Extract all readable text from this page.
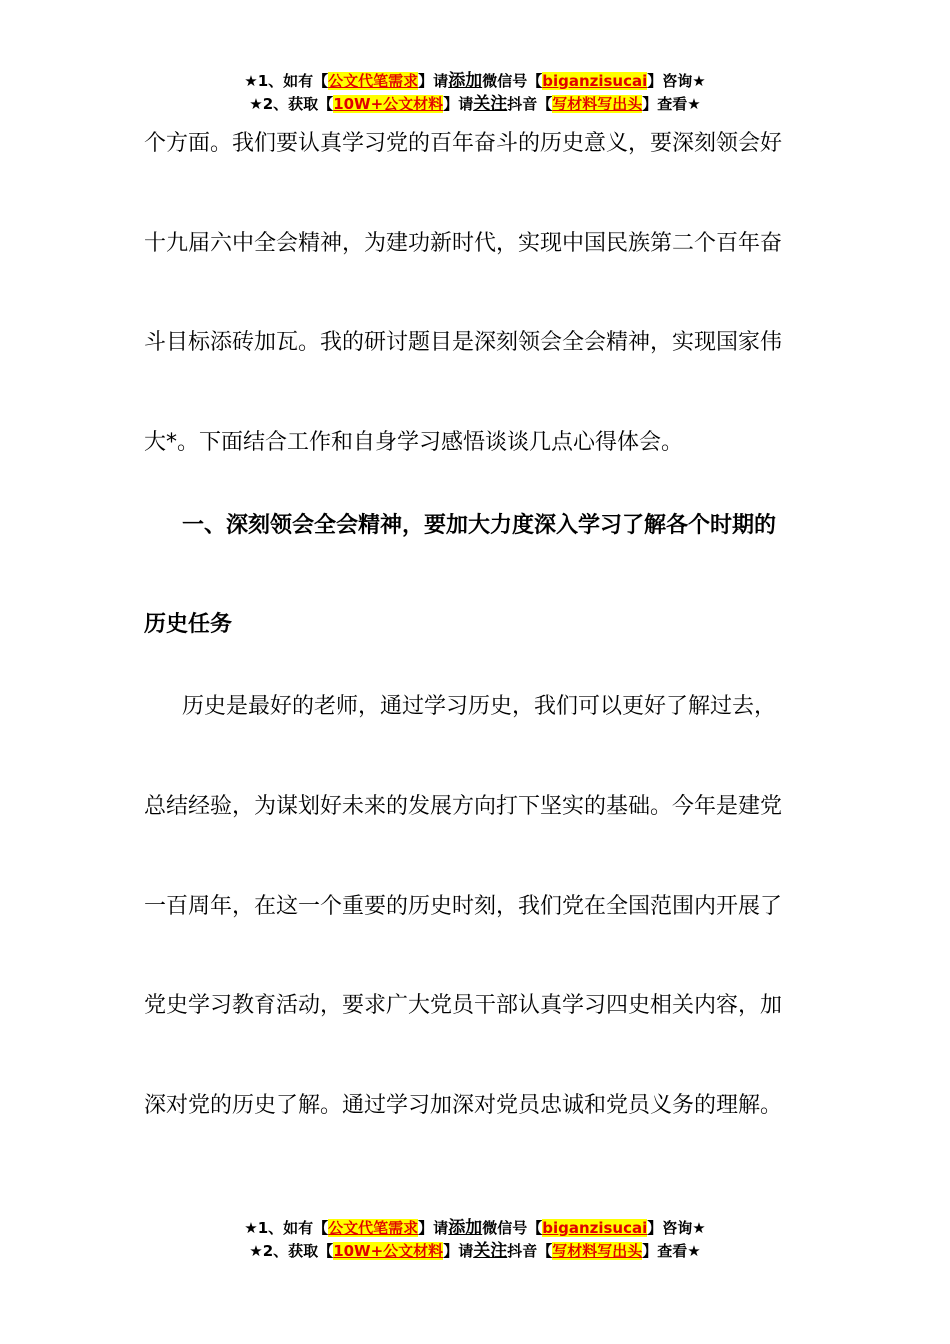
★1、如有【公文代笔需求】请添加微信号【biganzisucai】咨询★
★2、获取【10W+公文材料】请关注抖音【写材料写出头】查看★
个方面。我们要认真学习党的百年奋斗的历史意义，要深刻领会好
十九届六中全会精神，为建功新时代，实现中国民族第二个百年奋
斗目标添砖加瓦。我的研讨题目是深刻领会全会精神，实现国家伟
大*。下面结合工作和自身学习感悟谈谈几点心得体会。
一、深刻领会全会精神，要加大力度深入学习了解各个时期的
历史任务
历史是最好的老师，通过学习历史，我们可以更好了解过去，
总结经验，为谋划好未来的发展方向打下坚实的基础。今年是建党
一百周年，在这一个重要的历史时刻，我们党在全国范围内开展了
党史学习教育活动，要求广大党员干部认真学习四史相关内容，加
深对党的历史了解。通过学习加深对党员忠诚和党员义务的理解。
★1、如有【公文代笔需求】请添加微信号【biganzisucai】咨询★
★2、获取【10W+公文材料】请关注抖音【写材料写出头】查看★
